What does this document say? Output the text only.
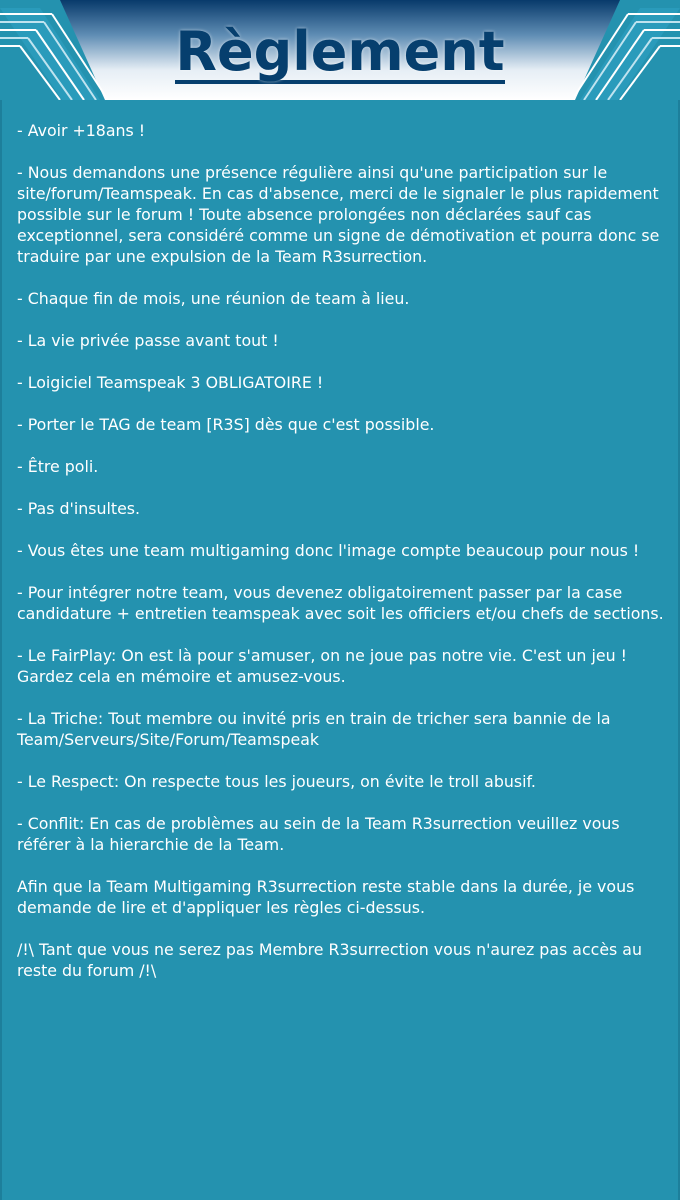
Règlement

- Avoir +18ans !

- Nous demandons une présence régulière ainsi qu'une participation sur le site/forum/Teamspeak. En cas d'absence, merci de le signaler le plus rapidement possible sur le forum ! Toute absence prolongées non déclarées sauf cas exceptionnel, sera considéré comme un signe de démotivation et pourra donc se traduire par une expulsion de la Team R3surrection.

- Chaque fin de mois, une réunion de team à lieu.

- La vie privée passe avant tout !

- Loigiciel Teamspeak 3 OBLIGATOIRE !

- Porter le TAG de team [R3S] dès que c'est possible.

- Être poli.

- Pas d'insultes.

- Vous êtes une team multigaming donc l'image compte beaucoup pour nous !

- Pour intégrer notre team, vous devenez obligatoirement passer par la case candidature + entretien teamspeak avec soit les officiers et/ou chefs de sections.

- Le FairPlay: On est là pour s'amuser, on ne joue pas notre vie. C'est un jeu ! Gardez cela en mémoire et amusez-vous.

- La Triche: Tout membre ou invité pris en train de tricher sera bannie de la Team/Serveurs/Site/Forum/Teamspeak

- Le Respect: On respecte tous les joueurs, on évite le troll abusif.

- Conflit: En cas de problèmes au sein de la Team R3surrection veuillez vous référer à la hierarchie de la Team.

Afin que la Team Multigaming R3surrection reste stable dans la durée, je vous demande de lire et d'appliquer les règles ci-dessus.

/!\ Tant que vous ne serez pas Membre R3surrection vous n'aurez pas accès au reste du forum /!\
